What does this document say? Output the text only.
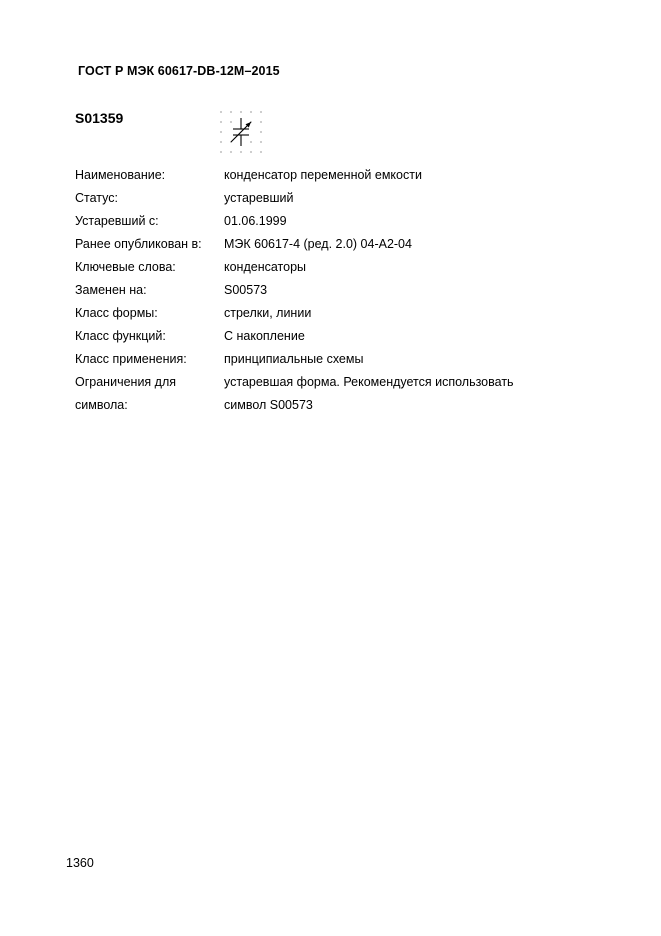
ГОСТ Р МЭК 60617-DB-12M–2015
S01359
Наименование:	конденсатор переменной емкости
Статус:	устаревший
Устаревший с:	01.06.1999
Ранее опубликован в:	МЭК 60617-4 (ред. 2.0) 04-A2-04
Ключевые слова:	конденсаторы
Заменен на:	S00573
Класс формы:	стрелки, линии
Класс функций:	C накопление
Класс применения:	принципиальные схемы
Ограничения для	устаревшая форма. Рекомендуется использовать
символа:	символ S00573
1360
